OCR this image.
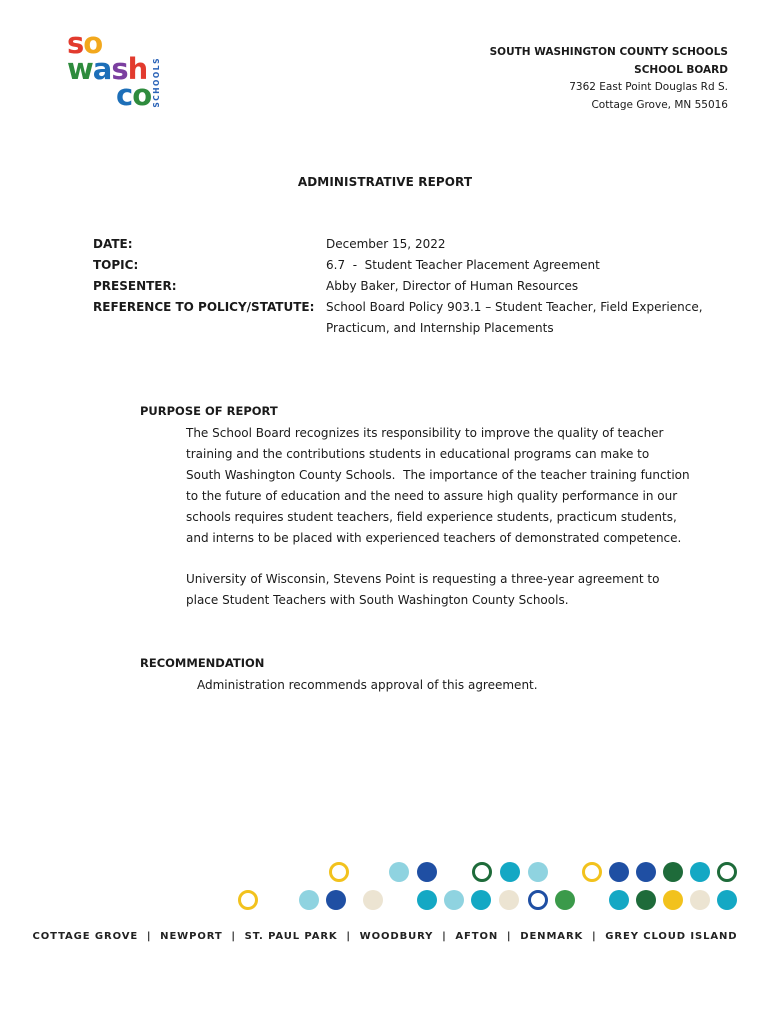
so
wash
co SCHOOLS
SOUTH WASHINGTON COUNTY SCHOOLS
SCHOOL BOARD
7362 East Point Douglas Rd S.
Cottage Grove, MN 55016
ADMINISTRATIVE REPORT
DATE:	December 15, 2022
TOPIC:	6.7  -  Student Teacher Placement Agreement
PRESENTER:	Abby Baker, Director of Human Resources
REFERENCE TO POLICY/STATUTE: School Board Policy 903.1 – Student Teacher, Field Experience,
Practicum, and Internship Placements
PURPOSE OF REPORT
The School Board recognizes its responsibility to improve the quality of teacher
training and the contributions students in educational programs can make to
South Washington County Schools.  The importance of the teacher training function
to the future of education and the need to assure high quality performance in our
schools requires student teachers, field experience students, practicum students,
and interns to be placed with experienced teachers of demonstrated competence.
University of Wisconsin, Stevens Point is requesting a three-year agreement to
place Student Teachers with South Washington County Schools.
RECOMMENDATION
Administration recommends approval of this agreement.
COTTAGE GROVE  |  NEWPORT  |  ST. PAUL PARK  |  WOODBURY  |  AFTON  |  DENMARK  |  GREY CLOUD ISLAND
